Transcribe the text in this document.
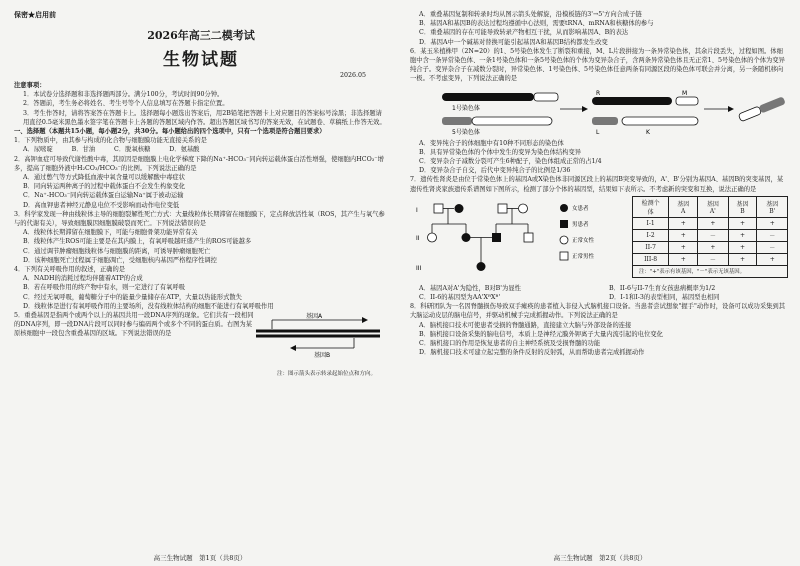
保密★启用前

2026年高三二模考试

生物试题

2026.05

注意事项：

1．本试卷分选择题和非选择题两部分。满分100分，考试时间90分钟。

2．答题前，考生务必将姓名、考生号等个人信息填写在答题卡指定位置。

3．考生作答时，请将答案答在答题卡上。选择题每小题选出答案后，用2B铅笔把答题卡上对应题目的答案标号涂黑；非选择题请用直径0.5毫米黑色墨水签字笔在答题卡上各题的答题区域内作答。超出答题区域书写的答案无效，在试题卷、草稿纸上作答无效。

一、选择题（本题共15小题，每小题2分，共30分。每小题给出的四个选项中，只有一个选项是符合题目要求）

1．下列物质中，由其参与构成的化合物与细胞膜功能无直接关系的是

A．尿嘧啶　　　B．甘油　　　C．脱氧核糖　　　D．氨基酸

2．高钾血症可导致代谢性酸中毒，其原因是细胞膜上电化学梯度下降的Na⁺-HCO₃⁻同向转运载体蛋白活性增强，使细胞内HCO₃⁻增多，提高了细胞外液中H₂CO₃/HCO₃⁻的比例。下列说法正确的是

A．通过憋气等方式降低血液中氧含量可以缓解酸中毒症状

B．同向转运两种离子的过程中载体蛋白不会发生构象变化

C．Na⁺-HCO₃⁻同向转运载体蛋白运输Na⁺属于被动运输

D．高血钾患者神经元静息电位不受影响而动作电位变低

3．科学家发现一种由线粒体主导的细胞裂解性死亡方式：大量线粒体长期滞留在细胞膜下，定点释放活性氧（ROS，其产生与氧气参与的代谢有关），导致细胞膜因细胞膜破裂而死亡。下列说法错误的是

A．线粒体长期滞留在细胞膜下，可能与细胞骨架功能异常有关

B．线粒体产生ROS可能主要是在其内膜上，有氧呼吸越旺盛产生的ROS可能越多

C．通过调节肿瘤细胞线粒体与细胞膜的距离，可诱导肿瘤细胞死亡

D．该种细胞死亡过程属于细胞凋亡，受细胞核内基因严格程序性调控

4．下列有关呼吸作用的叙述，正确的是

A．NADH的消耗过程均伴随着ATP的合成

B．若在呼吸作用的终产物中有水，则一定进行了有氧呼吸

C．经过无氧呼吸，葡萄糖分子中的能量少量储存在ATP，大量以热能形式散失

D．线粒体是进行有氧呼吸作用的主要场所，没有线粒体结构的细胞不能进行有氧呼吸作用

5．重叠基因是指两个或两个以上的基因共用一段DNA序列的现象。它们共有一段相同的DNA序列，即一段DNA片段可以同时参与编码两个或多个不同的蛋白质。右图为某原核细胞中一段包含重叠基因的区域。下列说法错误的是

基因A
基因B

注：图示箭头表示转录起始位点和方向。

高三生物试题　第1页（共8页）

A．重叠基因复制和转录时均从图示箭头处解旋，沿模板链的3'→5'方向合成子链

B．基因A和基因B的表达过程均遵循中心法则，需要tRNA、mRNA和核糖体的参与

C．重叠基因的存在可能导致转录产物相互干扰，从而影响基因A、B的表达

D．基因A中一个碱基对替换可能引起基因A和基因B结构都发生改变

6．某玉米植株甲（2N=20）的1、5号染色体发生了断裂和重接，M、L片段拼接为一条异常染色体，其余片段丢失，过程如图。体细胞中含一条异常染色体、一条1号染色体和一条5号染色体的个体为变异杂合子，含两条异常染色体且无正常1、5号染色体的个体为变异纯合子。变异杂合子在减数分裂时，异常染色体、1号染色体、5号染色体任意两条有同源区段的染色体可联会并分离，另一条随机移向一极。不考虑变异，下列说法正确的是

1号染色体
5号染色体
R	M
L	K

A．变异纯合子的体细胞中有10种不同形态的染色体

B．具有异常染色体的个体中发生的变异为染色体结构变异

C．变异杂合子减数分裂可产生6种配子，染色体组成正常的占1/4

D．变异杂合子自交，后代中变异纯合子的比例是1/36

7．遗传性肾炎是由位于常染色体上的基因A或X染色体非同源区段上的基因B突变导致的，A'、B'分别为基因A、基因B的突变基因，某遗传性肾炎家族遗传系谱图如下图所示，检测了部分个体的基因型，结果如下表所示。不考虑新的突变和互换，说法正确的是

I
II
III
女患者
男患者
正常女性
正常男性
检测个体	基因A	基因A'	基因B	基因B'
I-1	+	+	+	+
I-2	+	－	+	－
II-7	+	+	+	－
III-8	+	－	+	+
注："+"表示有该基因，"－"表示无该基因。				

A．基因A对A'为隐性，B对B'为显性	B．II-6与II-7生育女孩患病概率为1/2

C．II-6的基因型为AA'XᴮXᴮ'	D．I-1和I-3的表型相同，基因型也相同

8．科研团队为一名因脊髓损伤导致双手瘫痪的患者植入非侵入式脑机接口设备。当患者尝试想象"握手"动作时，设备可以成功采集到其大脑运动皮层的脑电信号，并驱动机械手完成抓握动作。下列说法正确的是

A．脑机接口技术可使患者受损的脊髓通路，直接建立大脑与外部设备的连接

B．脑机接口设备采集的脑电信号，本质上是神经元膜外钾离子大量内流引起的电位变化

C．脑机接口的作用是恢复患者的自主神经系统及受损脊髓的功能

D．脑机接口技术可建立起完整的条件反射的反射弧，从而帮助患者完成抓握动作

高三生物试题　第2页（共8页）
